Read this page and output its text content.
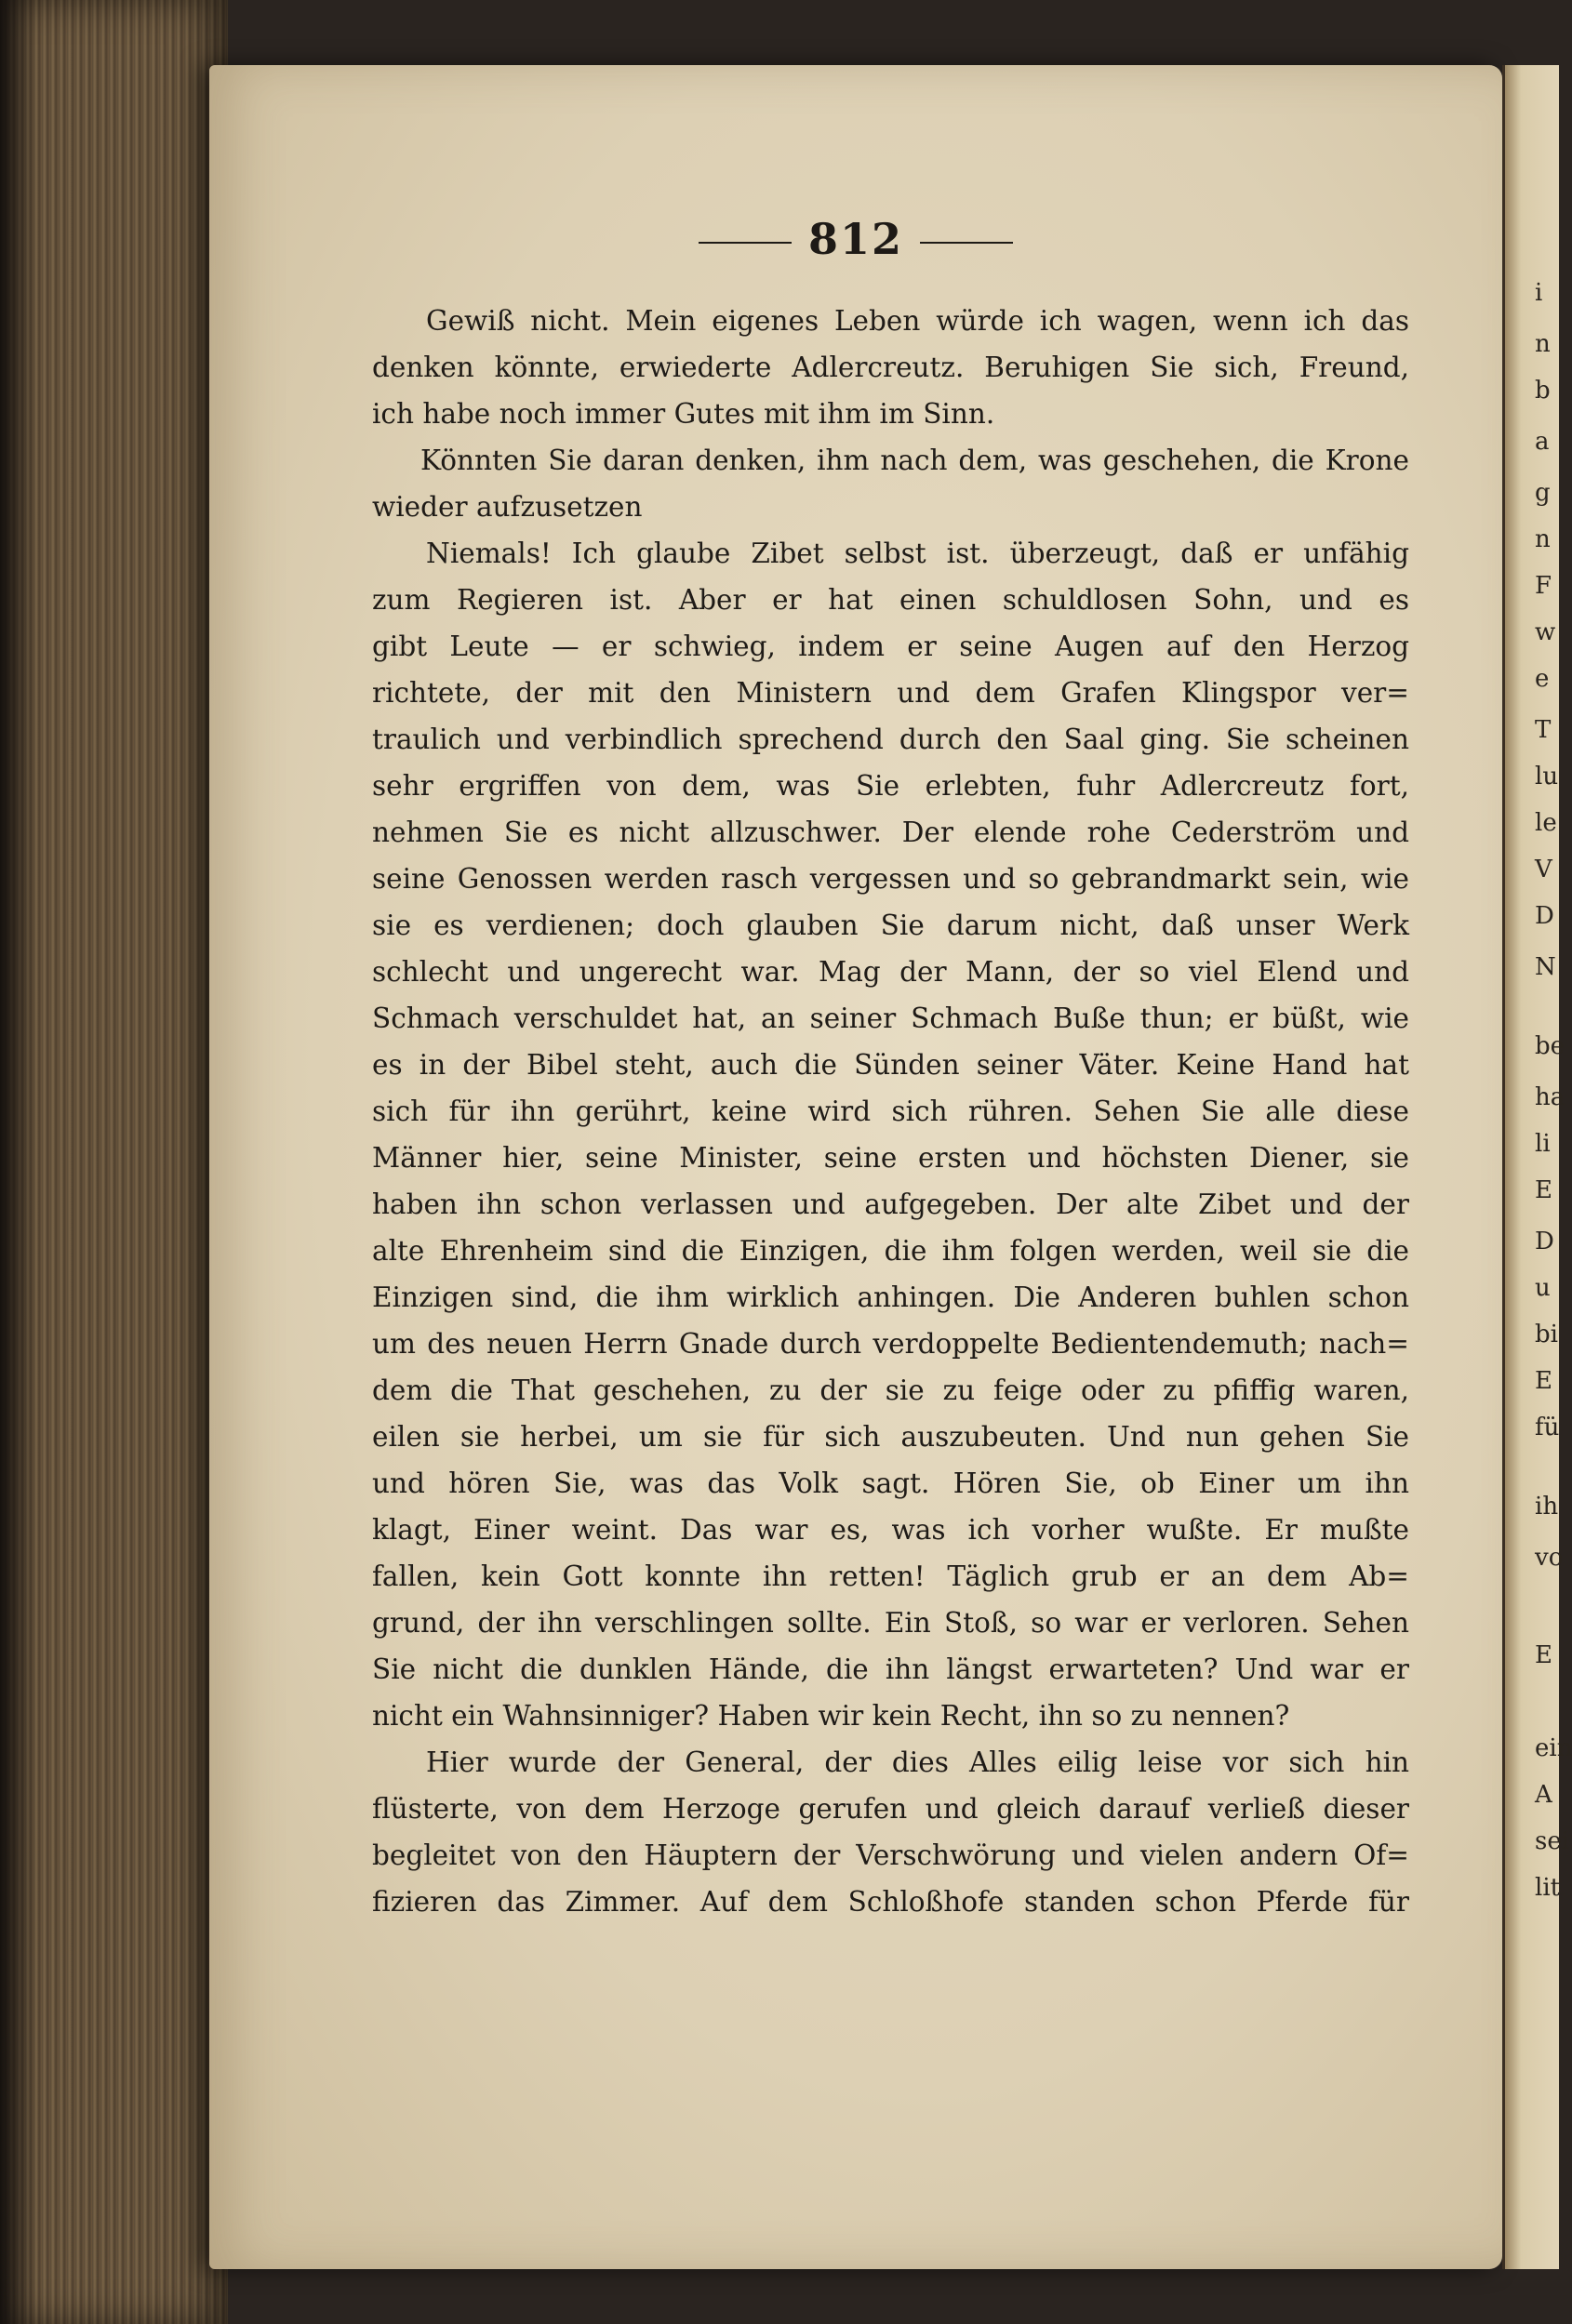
812
Gewiß nicht. Mein eigenes Leben würde ich wagen, wenn ich das
denken könnte, erwiederte Adlercreutz. Beruhigen Sie sich, Freund,
ich habe noch immer Gutes mit ihm im Sinn.
Könnten Sie daran denken, ihm nach dem, was geschehen, die Krone
wieder aufzusetzen
Niemals! Ich glaube Zibet selbst ist. überzeugt, daß er unfähig
zum Regieren ist. Aber er hat einen schuldlosen Sohn, und es
gibt Leute — er schwieg, indem er seine Augen auf den Herzog
richtete, der mit den Ministern und dem Grafen Klingspor ver=
traulich und verbindlich sprechend durch den Saal ging. Sie scheinen
sehr ergriffen von dem, was Sie erlebten, fuhr Adlercreutz fort,
nehmen Sie es nicht allzuschwer. Der elende rohe Cederström und
seine Genossen werden rasch vergessen und so gebrandmarkt sein, wie
sie es verdienen; doch glauben Sie darum nicht, daß unser Werk
schlecht und ungerecht war. Mag der Mann, der so viel Elend und
Schmach verschuldet hat, an seiner Schmach Buße thun; er büßt, wie
es in der Bibel steht, auch die Sünden seiner Väter. Keine Hand hat
sich für ihn gerührt, keine wird sich rühren. Sehen Sie alle diese
Männer hier, seine Minister, seine ersten und höchsten Diener, sie
haben ihn schon verlassen und aufgegeben. Der alte Zibet und der
alte Ehrenheim sind die Einzigen, die ihm folgen werden, weil sie die
Einzigen sind, die ihm wirklich anhingen. Die Anderen buhlen schon
um des neuen Herrn Gnade durch verdoppelte Bedientendemuth; nach=
dem die That geschehen, zu der sie zu feige oder zu pfiffig waren,
eilen sie herbei, um sie für sich auszubeuten. Und nun gehen Sie
und hören Sie, was das Volk sagt. Hören Sie, ob Einer um ihn
klagt, Einer weint. Das war es, was ich vorher wußte. Er mußte
fallen, kein Gott konnte ihn retten! Täglich grub er an dem Ab=
grund, der ihn verschlingen sollte. Ein Stoß, so war er verloren. Sehen
Sie nicht die dunklen Hände, die ihn längst erwarteten? Und war er
nicht ein Wahnsinniger? Haben wir kein Recht, ihn so zu nennen?
Hier wurde der General, der dies Alles eilig leise vor sich hin
flüsterte, von dem Herzoge gerufen und gleich darauf verließ dieser
begleitet von den Häuptern der Verschwörung und vielen andern Of=
fizieren das Zimmer. Auf dem Schloßhofe standen schon Pferde für
i
n
b
a
g
n
F
w
e
T
lu
le
V
D
N
be
ha
li
E
D
u
bi
E
fü
ih
vo
E
ein
A
sei
lit
